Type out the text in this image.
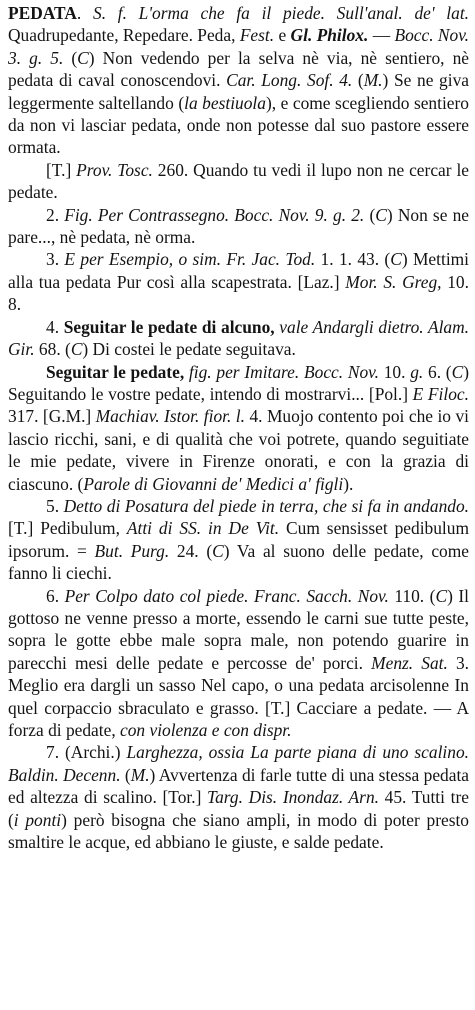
PEDATA. S. f. L'orma che fa il piede. Sull'anal. de' lat. Quadrupedante, Repedare. Peda, Fest. e Gl. Philox. — Bocc. Nov. 3. g. 5. (C) Non vedendo per la selva nè via, nè sentiero, nè pedata di caval conoscendovi. Car. Long. Sof. 4. (M.) Se ne giva leggermente saltellando (la bestiuola), e come scegliendo sentiero da non vi lasciar pedata, onde non potesse dal suo pastore essere ormata.

[T.] Prov. Tosc. 260. Quando tu vedi il lupo non ne cercar le pedate.

2. Fig. Per Contrassegno. Bocc. Nov. 9. g. 2. (C) Non se ne pare..., nè pedata, nè orma.

3. E per Esempio, o sim. Fr. Jac. Tod. 1. 1. 43. (C) Mettimi alla tua pedata Pur così alla scapestrata. [Laz.] Mor. S. Greg, 10. 8.

4. Seguitar le pedate di alcuno, vale Andargli dietro. Alam. Gir. 68. (C) Di costei le pedate seguitava.

Seguitar le pedate, fig. per Imitare. Bocc. Nov. 10. g. 6. (C) Seguitando le vostre pedate, intendo di mostrarvi... [Pol.] E Filoc. 317. [G.M.] Machiav. Istor. fior. l. 4. Muojo contento poi che io vi lascio ricchi, sani, e di qualità che voi potrete, quando seguitiate le mie pedate, vivere in Firenze onorati, e con la grazia di ciascuno. (Parole di Giovanni de' Medici a' figli).

5. Detto di Posatura del piede in terra, che si fa in andando. [T.] Pedibulum, Atti di SS. in De Vit. Cum sensisset pedibulum ipsorum. = But. Purg. 24. (C) Va al suono delle pedate, come fanno li ciechi.

6. Per Colpo dato col piede. Franc. Sacch. Nov. 110. (C) Il gottoso ne venne presso a morte, essendo le carni sue tutte peste, sopra le gotte ebbe male sopra male, non potendo guarire in parecchi mesi delle pedate e percosse de' porci. Menz. Sat. 3. Meglio era dargli un sasso Nel capo, o una pedata arcisolenne In quel corpaccio sbraculato e grasso. [T.] Cacciare a pedate. — A forza di pedate, con violenza e con dispr.

7. (Archi.) Larghezza, ossia La parte piana di uno scalino. Baldin. Decenn. (M.) Avvertenza di farle tutte di una stessa pedata ed altezza di scalino. [Tor.] Targ. Dis. Inondaz. Arn. 45. Tutti tre (i ponti) però bisogna che siano ampli, in modo di poter presto smaltire le acque, ed abbiano le giuste, e salde pedate.
